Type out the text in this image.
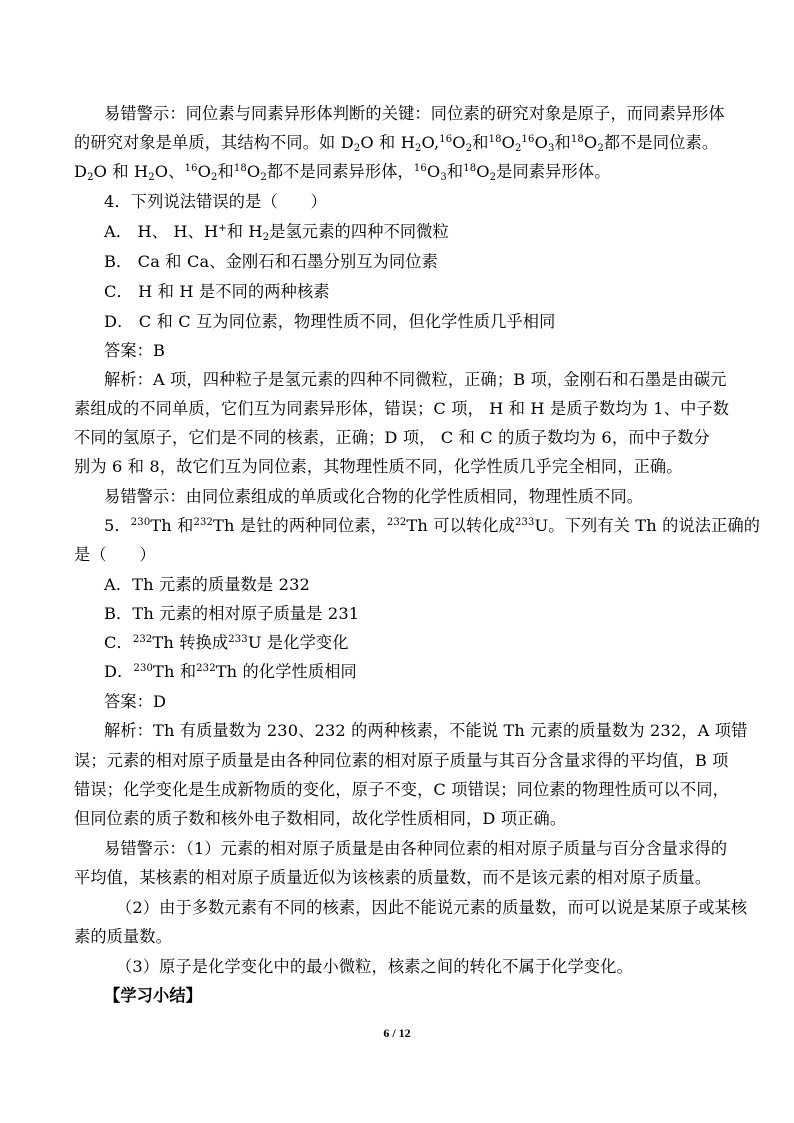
易错警示：同位素与同素异形体判断的关键：同位素的研究对象是原子，而同素异形体
的研究对象是单质，其结构不同。如 $D_2O$ 和 $H_2O,^{16}O_2$和$^{18}O_2^{16}O_3$和$^{18}O_2$都不是同位素。
$D_2O$ 和 $H_2O$、$^{16}O_2$和$^{18}O_2$都不是同素异形体，$^{16}O_3$和$^{18}O_2$是同素异形体。
4．下列说法错误的是（　　）
A． H、 H、H+和 $H_2$是氢元素的四种不同微粒
B． Ca 和 Ca、金刚石和石墨分别互为同位素
C． H 和 H 是不同的两种核素
D． C 和 C 互为同位素，物理性质不同，但化学性质几乎相同
答案：B
解析：A 项，四种粒子是氢元素的四种不同微粒，正确；B 项，金刚石和石墨是由碳元
素组成的不同单质，它们互为同素异形体，错误；C 项， H 和 H 是质子数均为 1、中子数
不同的氢原子，它们是不同的核素，正确；D 项， C 和 C 的质子数均为 6，而中子数分
别为 6 和 8，故它们互为同位素，其物理性质不同，化学性质几乎完全相同，正确。
易错警示：由同位素组成的单质或化合物的化学性质相同，物理性质不同。
5．$^{230}$Th 和$^{232}$Th 是钍的两种同位素，$^{232}$Th 可以转化成$^{233}$U。下列有关 Th 的说法正确的
是（　　）
A．Th 元素的质量数是 232
B．Th 元素的相对原子质量是 231
C．$^{232}$Th 转换成$^{233}$U 是化学变化
D．$^{230}$Th 和$^{232}$Th 的化学性质相同
答案：D
解析：Th 有质量数为 230、232 的两种核素，不能说 Th 元素的质量数为 232，A 项错
误；元素的相对原子质量是由各种同位素的相对原子质量与其百分含量求得的平均值，B 项
错误；化学变化是生成新物质的变化，原子不变，C 项错误；同位素的物理性质可以不同，
但同位素的质子数和核外电子数相同，故化学性质相同，D 项正确。
易错警示：（1）元素的相对原子质量是由各种同位素的相对原子质量与百分含量求得的
平均值，某核素的相对原子质量近似为该核素的质量数，而不是该元素的相对原子质量。
（2）由于多数元素有不同的核素，因此不能说元素的质量数，而可以说是某原子或某核
素的质量数。
（3）原子是化学变化中的最小微粒，核素之间的转化不属于化学变化。
【学习小结】
6 / 12
